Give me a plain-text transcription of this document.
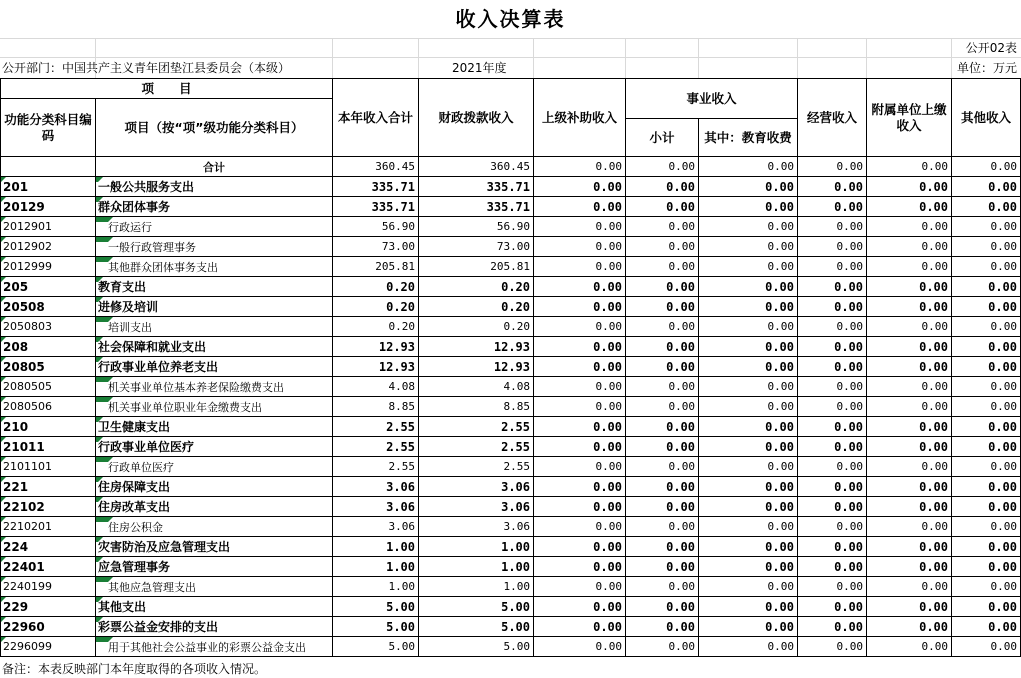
收入决算表
公开02表
公开部门：中国共产主义青年团垫江县委员会（本级）	2021年度	单位：万元
项　　目		本年收入合计	财政拨款收入	上级补助收入	事业收入		经营收入	附属单位上缴收入	其他收入
功能分类科目编码	项目（按“项”级功能分类科目）								
					小计	其中：教育收费			
	合计	360.45	360.45	0.00	0.00	0.00	0.00	0.00	0.00

201	一般公共服务支出	335.71	335.71	0.00	0.00	0.00	0.00	0.00	0.00

20129	群众团体事务	335.71	335.71	0.00	0.00	0.00	0.00	0.00	0.00

2012901	行政运行	56.90	56.90	0.00	0.00	0.00	0.00	0.00	0.00

2012902	一般行政管理事务	73.00	73.00	0.00	0.00	0.00	0.00	0.00	0.00

2012999	其他群众团体事务支出	205.81	205.81	0.00	0.00	0.00	0.00	0.00	0.00

205	教育支出	0.20	0.20	0.00	0.00	0.00	0.00	0.00	0.00

20508	进修及培训	0.20	0.20	0.00	0.00	0.00	0.00	0.00	0.00

2050803	培训支出	0.20	0.20	0.00	0.00	0.00	0.00	0.00	0.00

208	社会保障和就业支出	12.93	12.93	0.00	0.00	0.00	0.00	0.00	0.00

20805	行政事业单位养老支出	12.93	12.93	0.00	0.00	0.00	0.00	0.00	0.00

2080505	机关事业单位基本养老保险缴费支出	4.08	4.08	0.00	0.00	0.00	0.00	0.00	0.00

2080506	机关事业单位职业年金缴费支出	8.85	8.85	0.00	0.00	0.00	0.00	0.00	0.00

210	卫生健康支出	2.55	2.55	0.00	0.00	0.00	0.00	0.00	0.00

21011	行政事业单位医疗	2.55	2.55	0.00	0.00	0.00	0.00	0.00	0.00

2101101	行政单位医疗	2.55	2.55	0.00	0.00	0.00	0.00	0.00	0.00

221	住房保障支出	3.06	3.06	0.00	0.00	0.00	0.00	0.00	0.00

22102	住房改革支出	3.06	3.06	0.00	0.00	0.00	0.00	0.00	0.00

2210201	住房公积金	3.06	3.06	0.00	0.00	0.00	0.00	0.00	0.00

224	灾害防治及应急管理支出	1.00	1.00	0.00	0.00	0.00	0.00	0.00	0.00

22401	应急管理事务	1.00	1.00	0.00	0.00	0.00	0.00	0.00	0.00

2240199	其他应急管理支出	1.00	1.00	0.00	0.00	0.00	0.00	0.00	0.00

229	其他支出	5.00	5.00	0.00	0.00	0.00	0.00	0.00	0.00

22960	彩票公益金安排的支出	5.00	5.00	0.00	0.00	0.00	0.00	0.00	0.00

2296099	用于其他社会公益事业的彩票公益金支出	5.00	5.00	0.00	0.00	0.00	0.00	0.00	0.00
备注：本表反映部门本年度取得的各项收入情况。
